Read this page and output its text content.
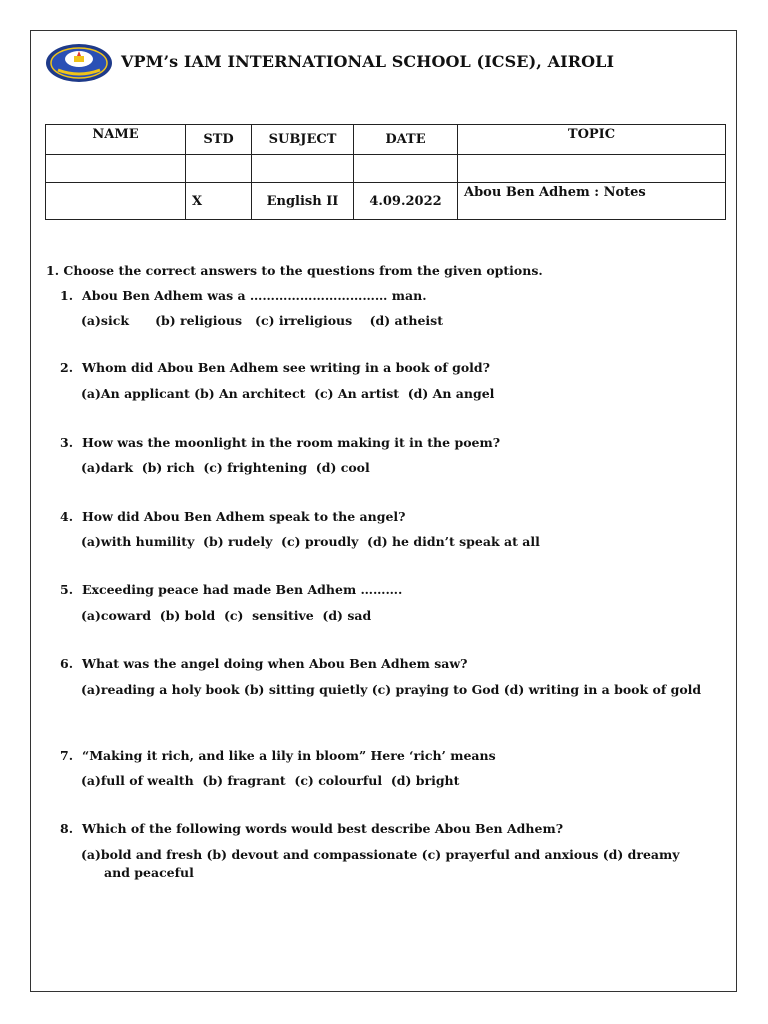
VPM’s IAM INTERNATIONAL SCHOOL (ICSE), AIROLI
NAME	STD	SUBJECT	DATE	TOPIC

	X	English II	4.09.2022	Abou Ben Adhem : Notes
1. Choose the correct answers to the questions from the given options.
1. Abou Ben Adhem was a …………………………… man.
(a)sick      (b) religious   (c) irreligious    (d) atheist
2. Whom did Abou Ben Adhem see writing in a book of gold?
(a)An applicant (b) An architect  (c) An artist  (d) An angel
3. How was the moonlight in the room making it in the poem?
(a)dark  (b) rich  (c) frightening  (d) cool
4. How did Abou Ben Adhem speak to the angel?
(a)with humility  (b) rudely  (c) proudly  (d) he didn’t speak at all
5. Exceeding peace had made Ben Adhem ……….
(a)coward  (b) bold  (c)  sensitive  (d) sad
6. What was the angel doing when Abou Ben Adhem saw?
(a)reading a holy book (b) sitting quietly (c) praying to God (d) writing in a book of gold
7. “Making it rich, and like a lily in bloom” Here ‘rich’ means
(a)full of wealth  (b) fragrant  (c) colourful  (d) bright
8. Which of the following words would best describe Abou Ben Adhem?
(a)bold and fresh (b) devout and compassionate (c) prayerful and anxious (d) dreamy and peaceful
